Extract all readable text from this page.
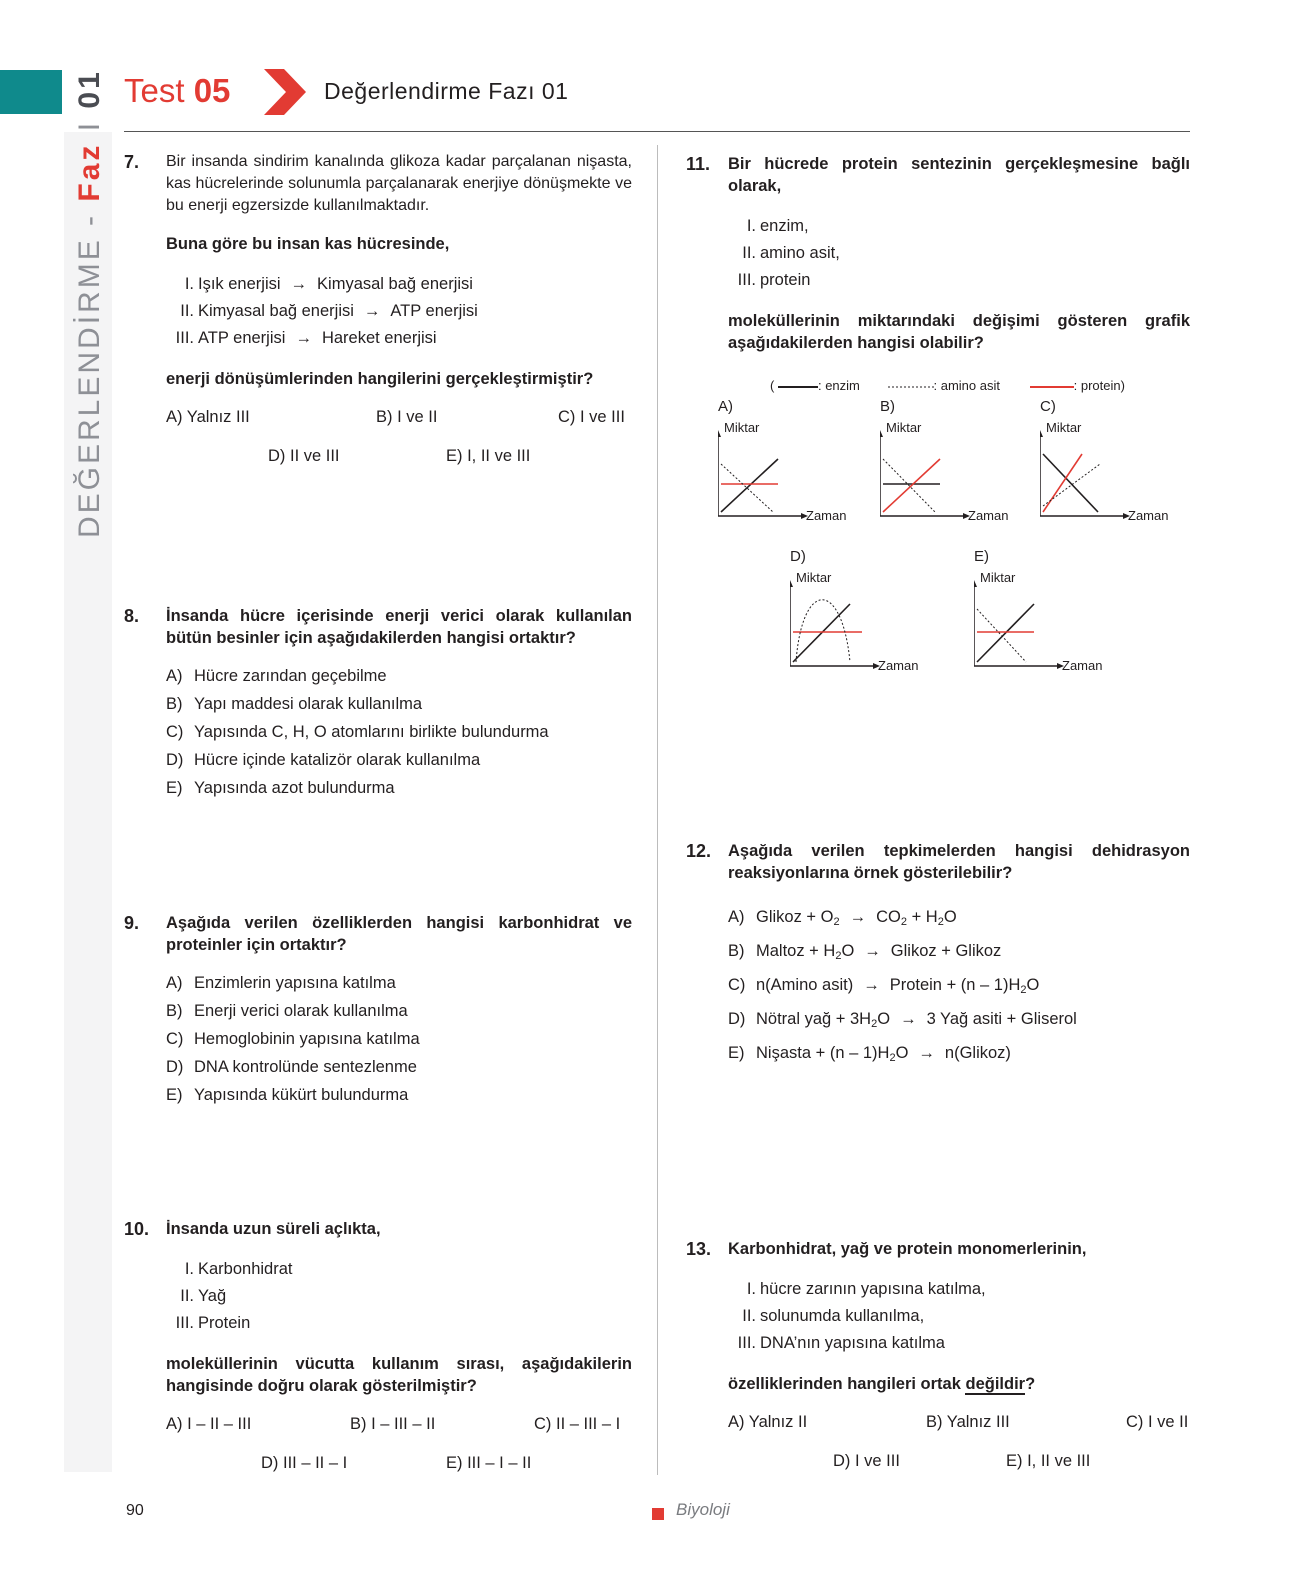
Test 05	Değerlendirme Fazı 01
DEĞERLENDİRME - Faz I 01
7. Bir insanda sindirim kanalında glikoza kadar parçalanan nişasta, kas hücrelerinde solunumla parçalanarak enerjiye dönüşmekte ve bu enerji egzersizde kullanılmaktadır.

Buna göre bu insan kas hücresinde,

I. Işık enerjisi → Kimyasal bağ enerjisi
II. Kimyasal bağ enerjisi → ATP enerjisi
III. ATP enerjisi → Hareket enerjisi

enerji dönüşümlerinden hangilerini gerçekleştirmiştir?

A) Yalnız III	B) I ve II	C) I ve III
D) II ve III	E) I, II ve III
8. İnsanda hücre içerisinde enerji verici olarak kullanılan bütün besinler için aşağıdakilerden hangisi ortaktır?

A) Hücre zarından geçebilme
B) Yapı maddesi olarak kullanılma
C) Yapısında C, H, O atomlarını birlikte bulundurma
D) Hücre içinde katalizör olarak kullanılma
E) Yapısında azot bulundurma
9. Aşağıda verilen özelliklerden hangisi karbonhidrat ve proteinler için ortaktır?

A) Enzimlerin yapısına katılma
B) Enerji verici olarak kullanılma
C) Hemoglobinin yapısına katılma
D) DNA kontrolünde sentezlenme
E) Yapısında kükürt bulundurma
10. İnsanda uzun süreli açlıkta,

I. Karbonhidrat
II. Yağ
III. Protein

moleküllerinin vücutta kullanım sırası, aşağıdakilerin hangisinde doğru olarak gösterilmiştir?

A) I – II – III	B) I – III – II	C) II – III – I
D) III – II – I	E) III – I – II
11. Bir hücrede protein sentezinin gerçekleşmesine bağlı olarak,

I. enzim,
II. amino asit,
III. protein

moleküllerinin miktarındaki değişimi gösteren grafik aşağıdakilerden hangisi olabilir?

(	: enzim	: amino asit	: protein)
A)
Miktar
Zaman
B)
Miktar
Zaman
C)
Miktar
Zaman
D)
Miktar
Zaman
E)
Miktar
Zaman
12. Aşağıda verilen tepkimelerden hangisi dehidrasyon reaksiyonlarına örnek gösterilebilir?

A) Glikoz + $O_2 \to CO_2 + H_2O$
B) Maltoz + $H_2O$ → Glikoz + Glikoz
C) n(Amino asit) → Protein + $(n - 1)H_2O$
D) Nötral yağ + $3H_2O \to 3$ Yağ asiti + Gliserol
E) Nişasta + $(n - 1)H_2O$ → n(Glikoz)
13. Karbonhidrat, yağ ve protein monomerlerinin,

I. hücre zarının yapısına katılma,
II. solunumda kullanılma,
III. DNA’nın yapısına katılma

özelliklerinden hangileri ortak değildir?

A) Yalnız II	B) Yalnız III	C) I ve II
D) I ve III	E) I, II ve III
90	Biyoloji
